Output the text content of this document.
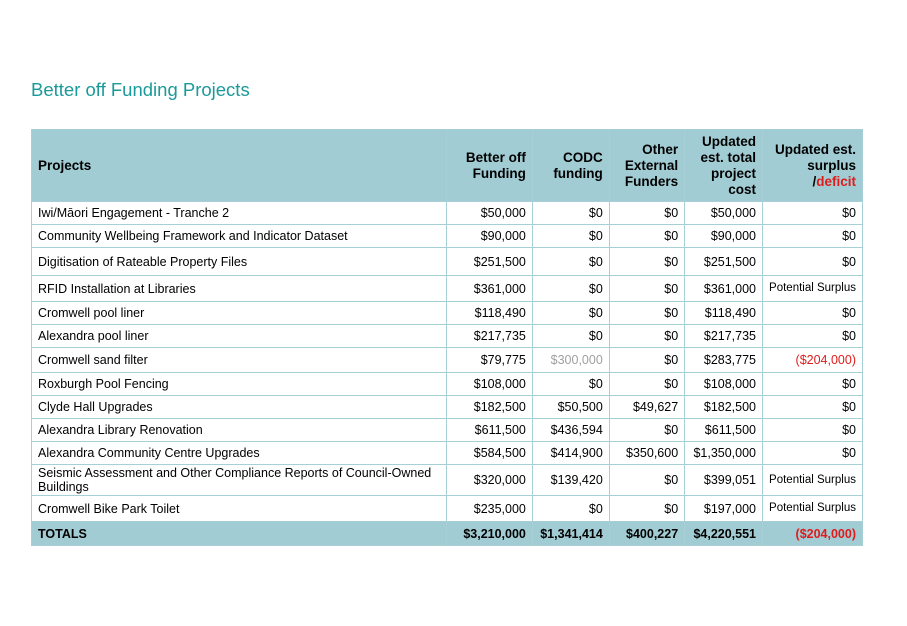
Better off Funding Projects
Projects	Better off Funding	CODC funding	Other External Funders	Updated est. total project cost	Updated est. surplus /deficit
Iwi/Māori Engagement - Tranche 2	$50,000	$0	$0	$50,000	$0
Community Wellbeing Framework and Indicator Dataset	$90,000	$0	$0	$90,000	$0
Digitisation of Rateable Property Files	$251,500	$0	$0	$251,500	$0
RFID Installation at Libraries	$361,000	$0	$0	$361,000	Potential Surplus
Cromwell pool liner	$118,490	$0	$0	$118,490	$0
Alexandra pool liner	$217,735	$0	$0	$217,735	$0
Cromwell sand filter	$79,775	$300,000	$0	$283,775	($204,000)
Roxburgh Pool Fencing	$108,000	$0	$0	$108,000	$0
Clyde Hall Upgrades	$182,500	$50,500	$49,627	$182,500	$0
Alexandra Library Renovation	$611,500	$436,594	$0	$611,500	$0
Alexandra Community Centre Upgrades	$584,500	$414,900	$350,600	$1,350,000	$0
Seismic Assessment and Other Compliance Reports of Council-Owned Buildings	$320,000	$139,420	$0	$399,051	Potential Surplus
Cromwell Bike Park Toilet	$235,000	$0	$0	$197,000	Potential Surplus
TOTALS	$3,210,000	$1,341,414	$400,227	$4,220,551	($204,000)
